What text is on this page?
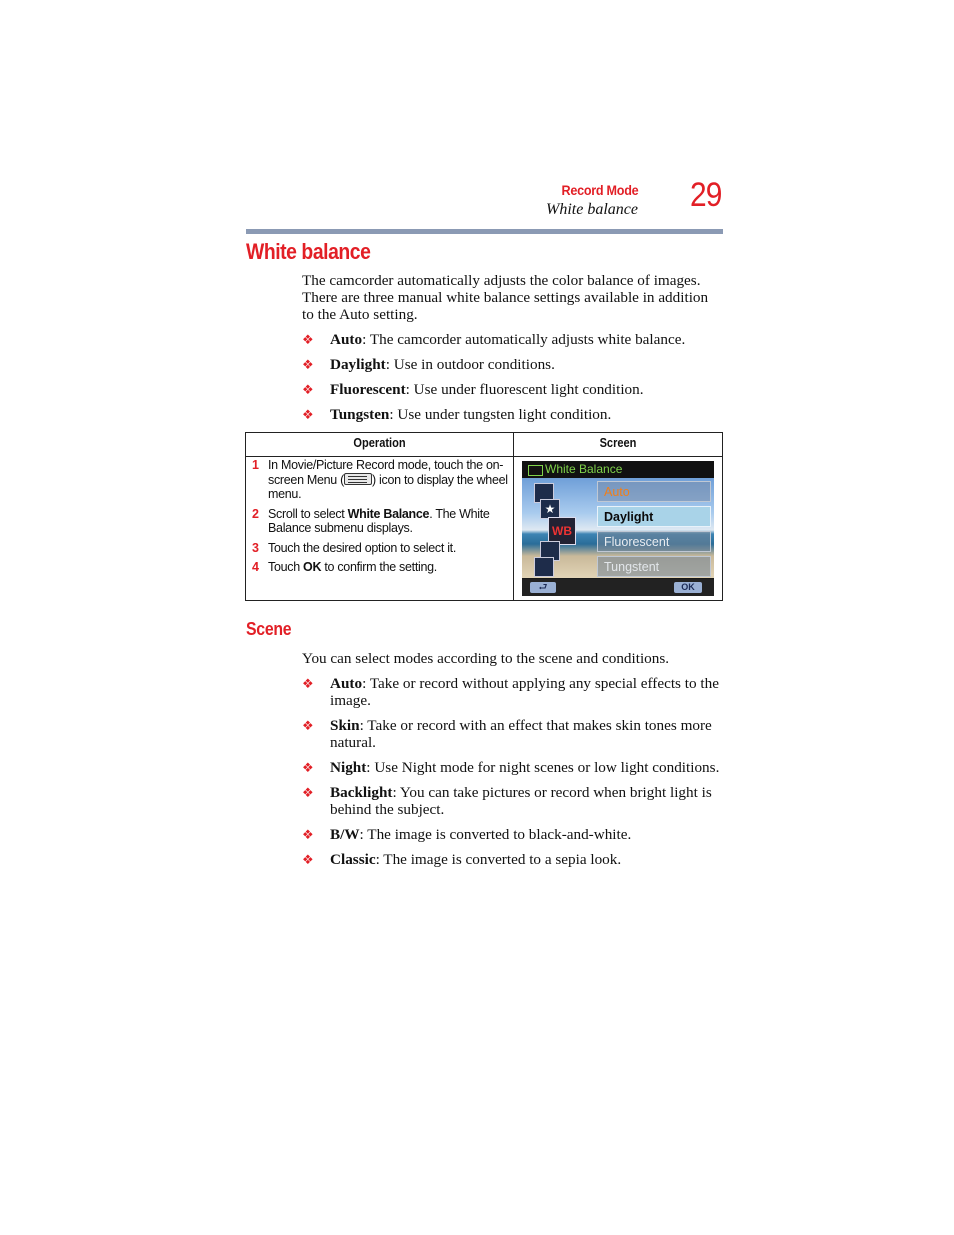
Record Mode
White balance 29
White balance
The camcorder automatically adjusts the color balance of images. There are three manual white balance settings available in addition to the Auto setting.
❖ Auto: The camcorder automatically adjusts white balance.
❖ Daylight: Use in outdoor conditions.
❖ Fluorescent: Use under fluorescent light condition.
❖ Tungsten: Use under tungsten light condition.
Operation	Screen
1 In Movie/Picture Record mode, touch the on-screen Menu ( ) icon to display the wheel menu.
2 Scroll to select White Balance. The White Balance submenu displays.
3 Touch the desired option to select it.
4 Touch OK to confirm the setting.
White Balance
★
WB
Auto
Daylight
Fluorescent
Tungstent
⮐	OK
Scene
You can select modes according to the scene and conditions.
❖ Auto: Take or record without applying any special effects to the image.
❖ Skin: Take or record with an effect that makes skin tones more natural.
❖ Night: Use Night mode for night scenes or low light conditions.
❖ Backlight: You can take pictures or record when bright light is behind the subject.
❖ B/W: The image is converted to black-and-white.
❖ Classic: The image is converted to a sepia look.
